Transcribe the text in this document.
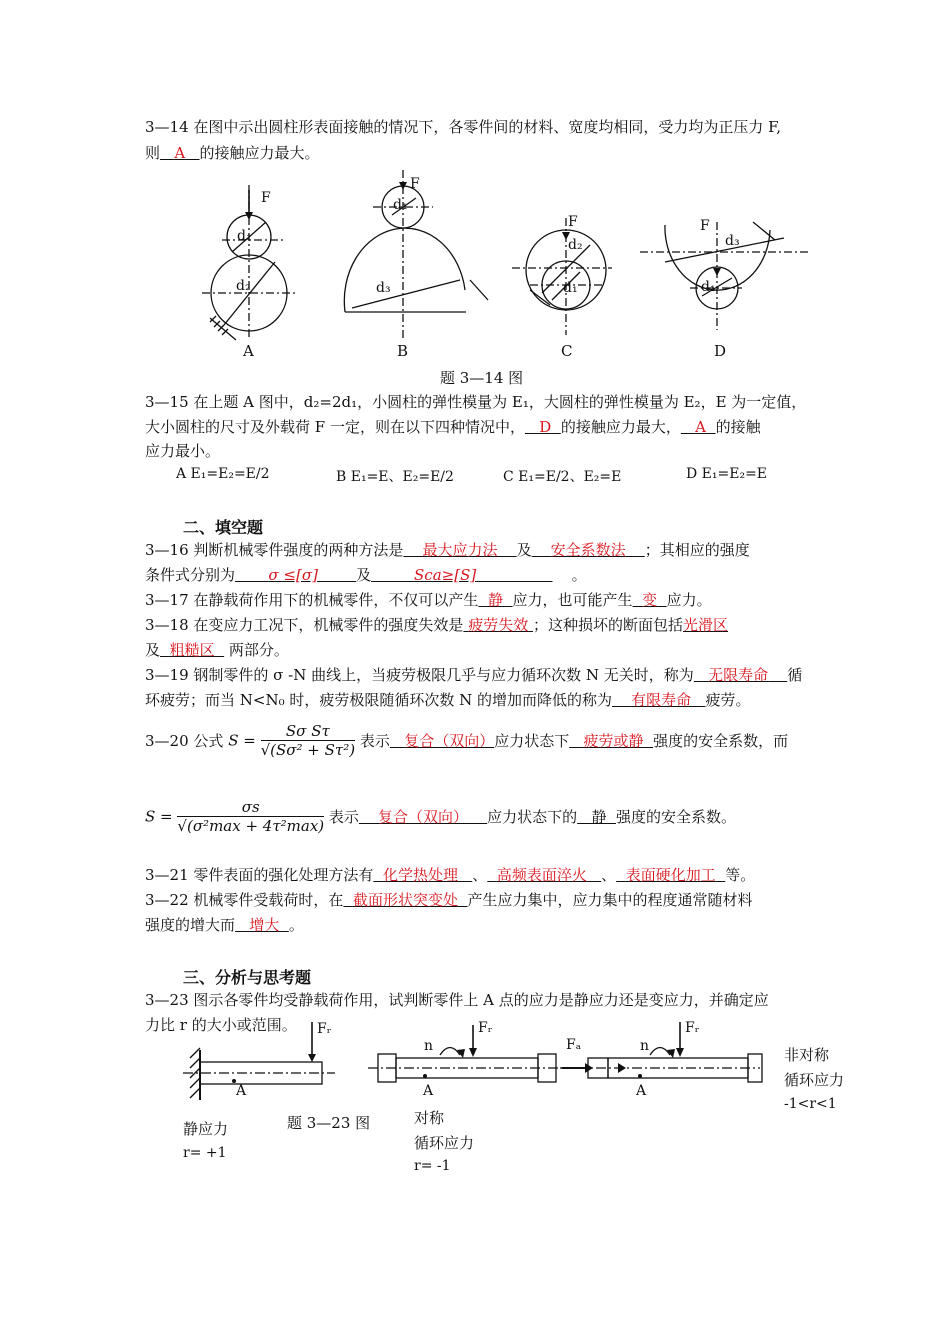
3—14 在图中示出圆柱形表面接触的情况下，各零件间的材料、宽度均相同，受力均为正压力 F,
则 A 的接触应力最大。
F
d₁
d₂
F
d₁
d₃
F
d₂
d₁
F
d₃
d₁
A	B	C	D
题 3—14 图
3—15 在上题 A 图中，d₂=2d₁，小圆柱的弹性模量为 E₁，大圆柱的弹性模量为 E₂，E 为一定值，
大小圆柱的尺寸及外载荷 F 一定，则在以下四种情况中， D 的接触应力最大， A 的接触
应力最小。
A E₁=E₂=E/2	B E₁=E、E₂=E/2	C E₁=E/2、E₂=E	D E₁=E₂=E
二、填空题
3—16 判断机械零件强度的两种方法是 最大应力法 及 安全系数法 ；其相应的强度
条件式分别为 σ ≤[σ]	及	Sca≥[S]	。
3—17 在静载荷作用下的机械零件，不仅可以产生 静 应力，也可能产生 变 应力。
3—18 在变应力工况下，机械零件的强度失效是 疲劳失效 ；这种损坏的断面包括光滑区
及 粗糙区 两部分。
3—19 钢制零件的 σ -N 曲线上，当疲劳极限几乎与应力循环次数 N 无关时，称为 无限寿命 循
环疲劳；而当 N<N₀ 时，疲劳极限随循环次数 N 的增加而降低的称为 有限寿命 疲劳。
3—20 公式 $S = \frac{\text{Sσ Sτ}}{\text{√(Sσ² + Sτ²)}}$ 表示 复合（双向）应力状态下 疲劳或静 强度的安全系数，而
$S = \frac{\sigma s}{\text{√(σ²max + 4τ²max)}}$ 表示 复合（双向） 应力状态下的 静 强度的安全系数。
3—21 零件表面的强化处理方法有 化学热处理 、 高频表面淬火 、 表面硬化加工 等。
3—22 机械零件受载荷时，在 截面形状突变处 产生应力集中，应力集中的程度通常随材料
强度的增大而 增大 。
三、分析与思考题
3—23 图示各零件均受静载荷作用，试判断零件上 A 点的应力是静应力还是变应力，并确定应
力比 r 的大小或范围。 Fᵣ
A
Fᵣ
n
A
Fₐ
Fᵣ
n
A
题 3—23 图
静应力
r= +1
对称
循环应力
r= -1
非对称
循环应力
-1<r<1
